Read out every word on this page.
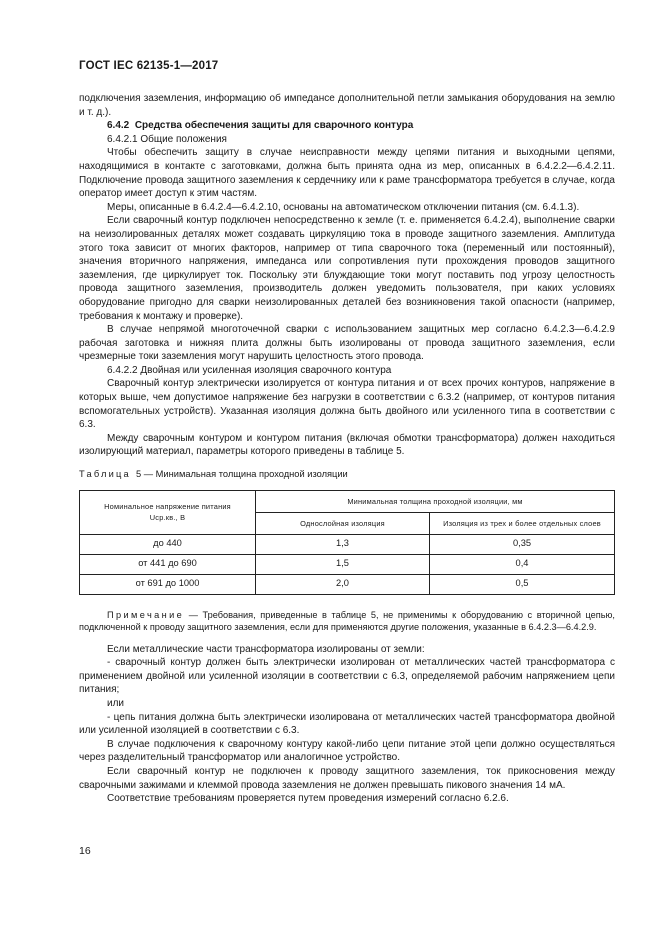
ГОСТ IEC 62135-1—2017

подключения заземления, информацию об импедансе дополнительной петли замыкания оборудования на землю и т. д.).

6.4.2 Средства обеспечения защиты для сварочного контура

6.4.2.1 Общие положения

Чтобы обеспечить защиту в случае неисправности между цепями питания и выходными цепями, находящимися в контакте с заготовками, должна быть принята одна из мер, описанных в 6.4.2.2—6.4.2.11. Подключение провода защитного заземления к сердечнику или к раме трансформатора требуется в случае, когда оператор имеет доступ к этим частям.

Меры, описанные в 6.4.2.4—6.4.2.10, основаны на автоматическом отключении питания (см. 6.4.1.3).

Если сварочный контур подключен непосредственно к земле (т. е. применяется 6.4.2.4), выполнение сварки на неизолированных деталях может создавать циркуляцию тока в проводе защитного заземления. Амплитуда этого тока зависит от многих факторов, например от типа сварочного тока (переменный или постоянный), значения вторичного напряжения, импеданса или сопротивления пути прохождения проводов защитного заземления, где циркулирует ток. Поскольку эти блуждающие токи могут поставить под угрозу целостность провода защитного заземления, производитель должен уведомить пользователя, при каких условиях оборудование пригодно для сварки неизолированных деталей без возникновения такой опасности (например, требования к монтажу и проверке).

В случае непрямой многоточечной сварки с использованием защитных мер согласно 6.4.2.3—6.4.2.9 рабочая заготовка и нижняя плита должны быть изолированы от провода защитного заземления, если чрезмерные токи заземления могут нарушить целостность этого провода.

6.4.2.2 Двойная или усиленная изоляция сварочного контура

Сварочный контур электрически изолируется от контура питания и от всех прочих контуров, напряжение в которых выше, чем допустимое напряжение без нагрузки в соответствии с 6.3.2 (например, от контуров питания вспомогательных устройств). Указанная изоляция должна быть двойного или усиленного типа в соответствии с 6.3.

Между сварочным контуром и контуром питания (включая обмотки трансформатора) должен находиться изолирующий материал, параметры которого приведены в таблице 5.

Таблица 5 — Минимальная толщина проходной изоляции

Номинальное напряжение питания
Uср.кв., В	Минимальная толщина проходной изоляции, мм	
	Однослойная изоляция	Изоляция из трех и более отдельных слоев
до 440	1,3	0,35
от 441 до 690	1,5	0,4
от 691 до 1000	2,0	0,5

Примечание — Требования, приведенные в таблице 5, не применимы к оборудованию с вторичной цепью, подключенной к проводу защитного заземления, если для применяются другие положения, указанные в 6.4.2.3—6.4.2.9.

Если металлические части трансформатора изолированы от земли:

- сварочный контур должен быть электрически изолирован от металлических частей трансформатора с применением двойной или усиленной изоляции в соответствии с 6.3, определяемой рабочим напряжением цепи питания;

или

- цепь питания должна быть электрически изолирована от металлических частей трансформатора двойной или усиленной изоляцией в соответствии с 6.3.

В случае подключения к сварочному контуру какой-либо цепи питание этой цепи должно осуществляться через разделительный трансформатор или аналогичное устройство.

Если сварочный контур не подключен к проводу защитного заземления, ток прикосновения между сварочными зажимами и клеммой провода заземления не должен превышать пикового значения 14 мА.

Соответствие требованиям проверяется путем проведения измерений согласно 6.2.6.

16
